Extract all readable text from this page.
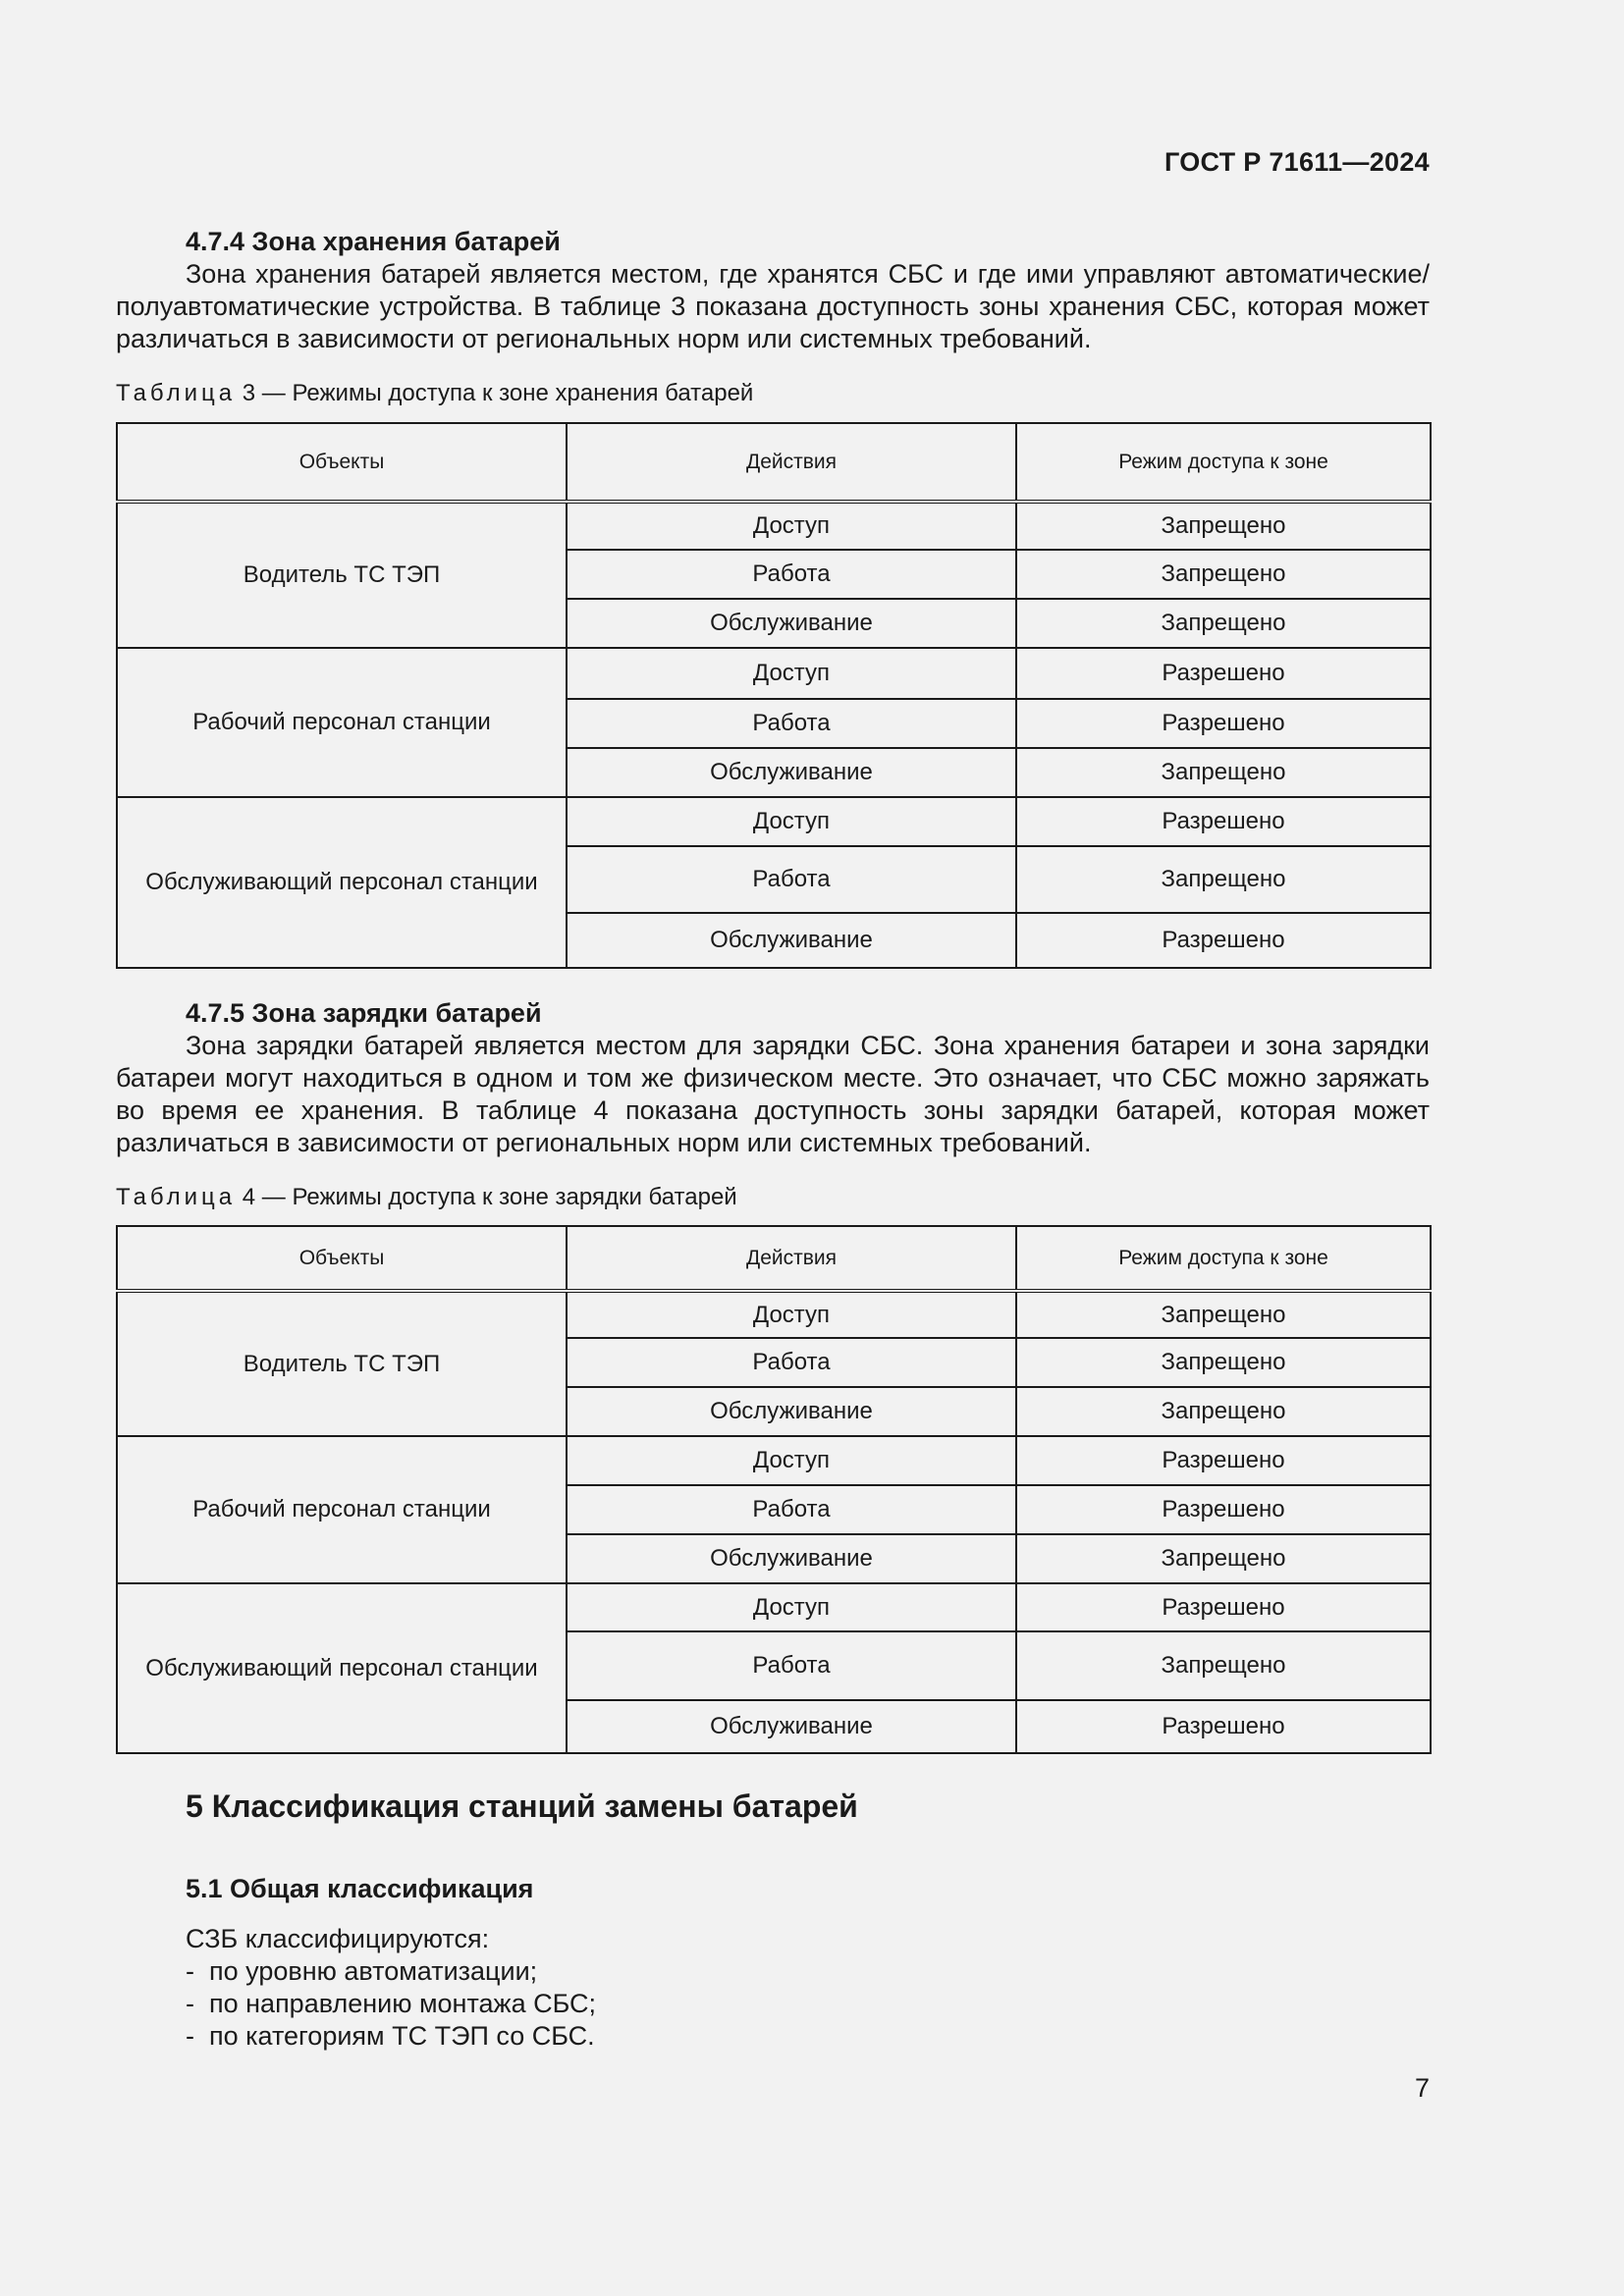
ГОСТ Р 71611—2024
4.7.4 Зона хранения батарей

Зона хранения батарей является местом, где хранятся СБС и где ими управляют автоматические/полуавтоматические устройства. В таблице 3 показана доступность зоны хранения СБС, которая может различаться в зависимости от региональных норм или системных требований.

Таблица 3 — Режимы доступа к зоне хранения батарей
Объекты	Действия	Режим доступа к зоне
Водитель ТС ТЭП	Доступ	Запрещено
	Работа	Запрещено
	Обслуживание	Запрещено
Рабочий персонал станции	Доступ	Разрешено
	Работа	Разрешено
	Обслуживание	Запрещено
Обслуживающий персонал станции	Доступ	Разрешено
	Работа	Запрещено
	Обслуживание	Разрешено
4.7.5 Зона зарядки батарей

Зона зарядки батарей является местом для зарядки СБС. Зона хранения батареи и зона зарядки батареи могут находиться в одном и том же физическом месте. Это означает, что СБС можно заряжать во время ее хранения. В таблице 4 показана доступность зоны зарядки батарей, которая может различаться в зависимости от региональных норм или системных требований.

Таблица 4 — Режимы доступа к зоне зарядки батарей
Объекты	Действия	Режим доступа к зоне
Водитель ТС ТЭП	Доступ	Запрещено
	Работа	Запрещено
	Обслуживание	Запрещено
Рабочий персонал станции	Доступ	Разрешено
	Работа	Разрешено
	Обслуживание	Запрещено
Обслуживающий персонал станции	Доступ	Разрешено
	Работа	Запрещено
	Обслуживание	Разрешено
5 Классификация станций замены батарей
5.1 Общая классификация
СЗБ классифицируются:
- по уровню автоматизации;
- по направлению монтажа СБС;
- по категориям ТС ТЭП со СБС.
7
